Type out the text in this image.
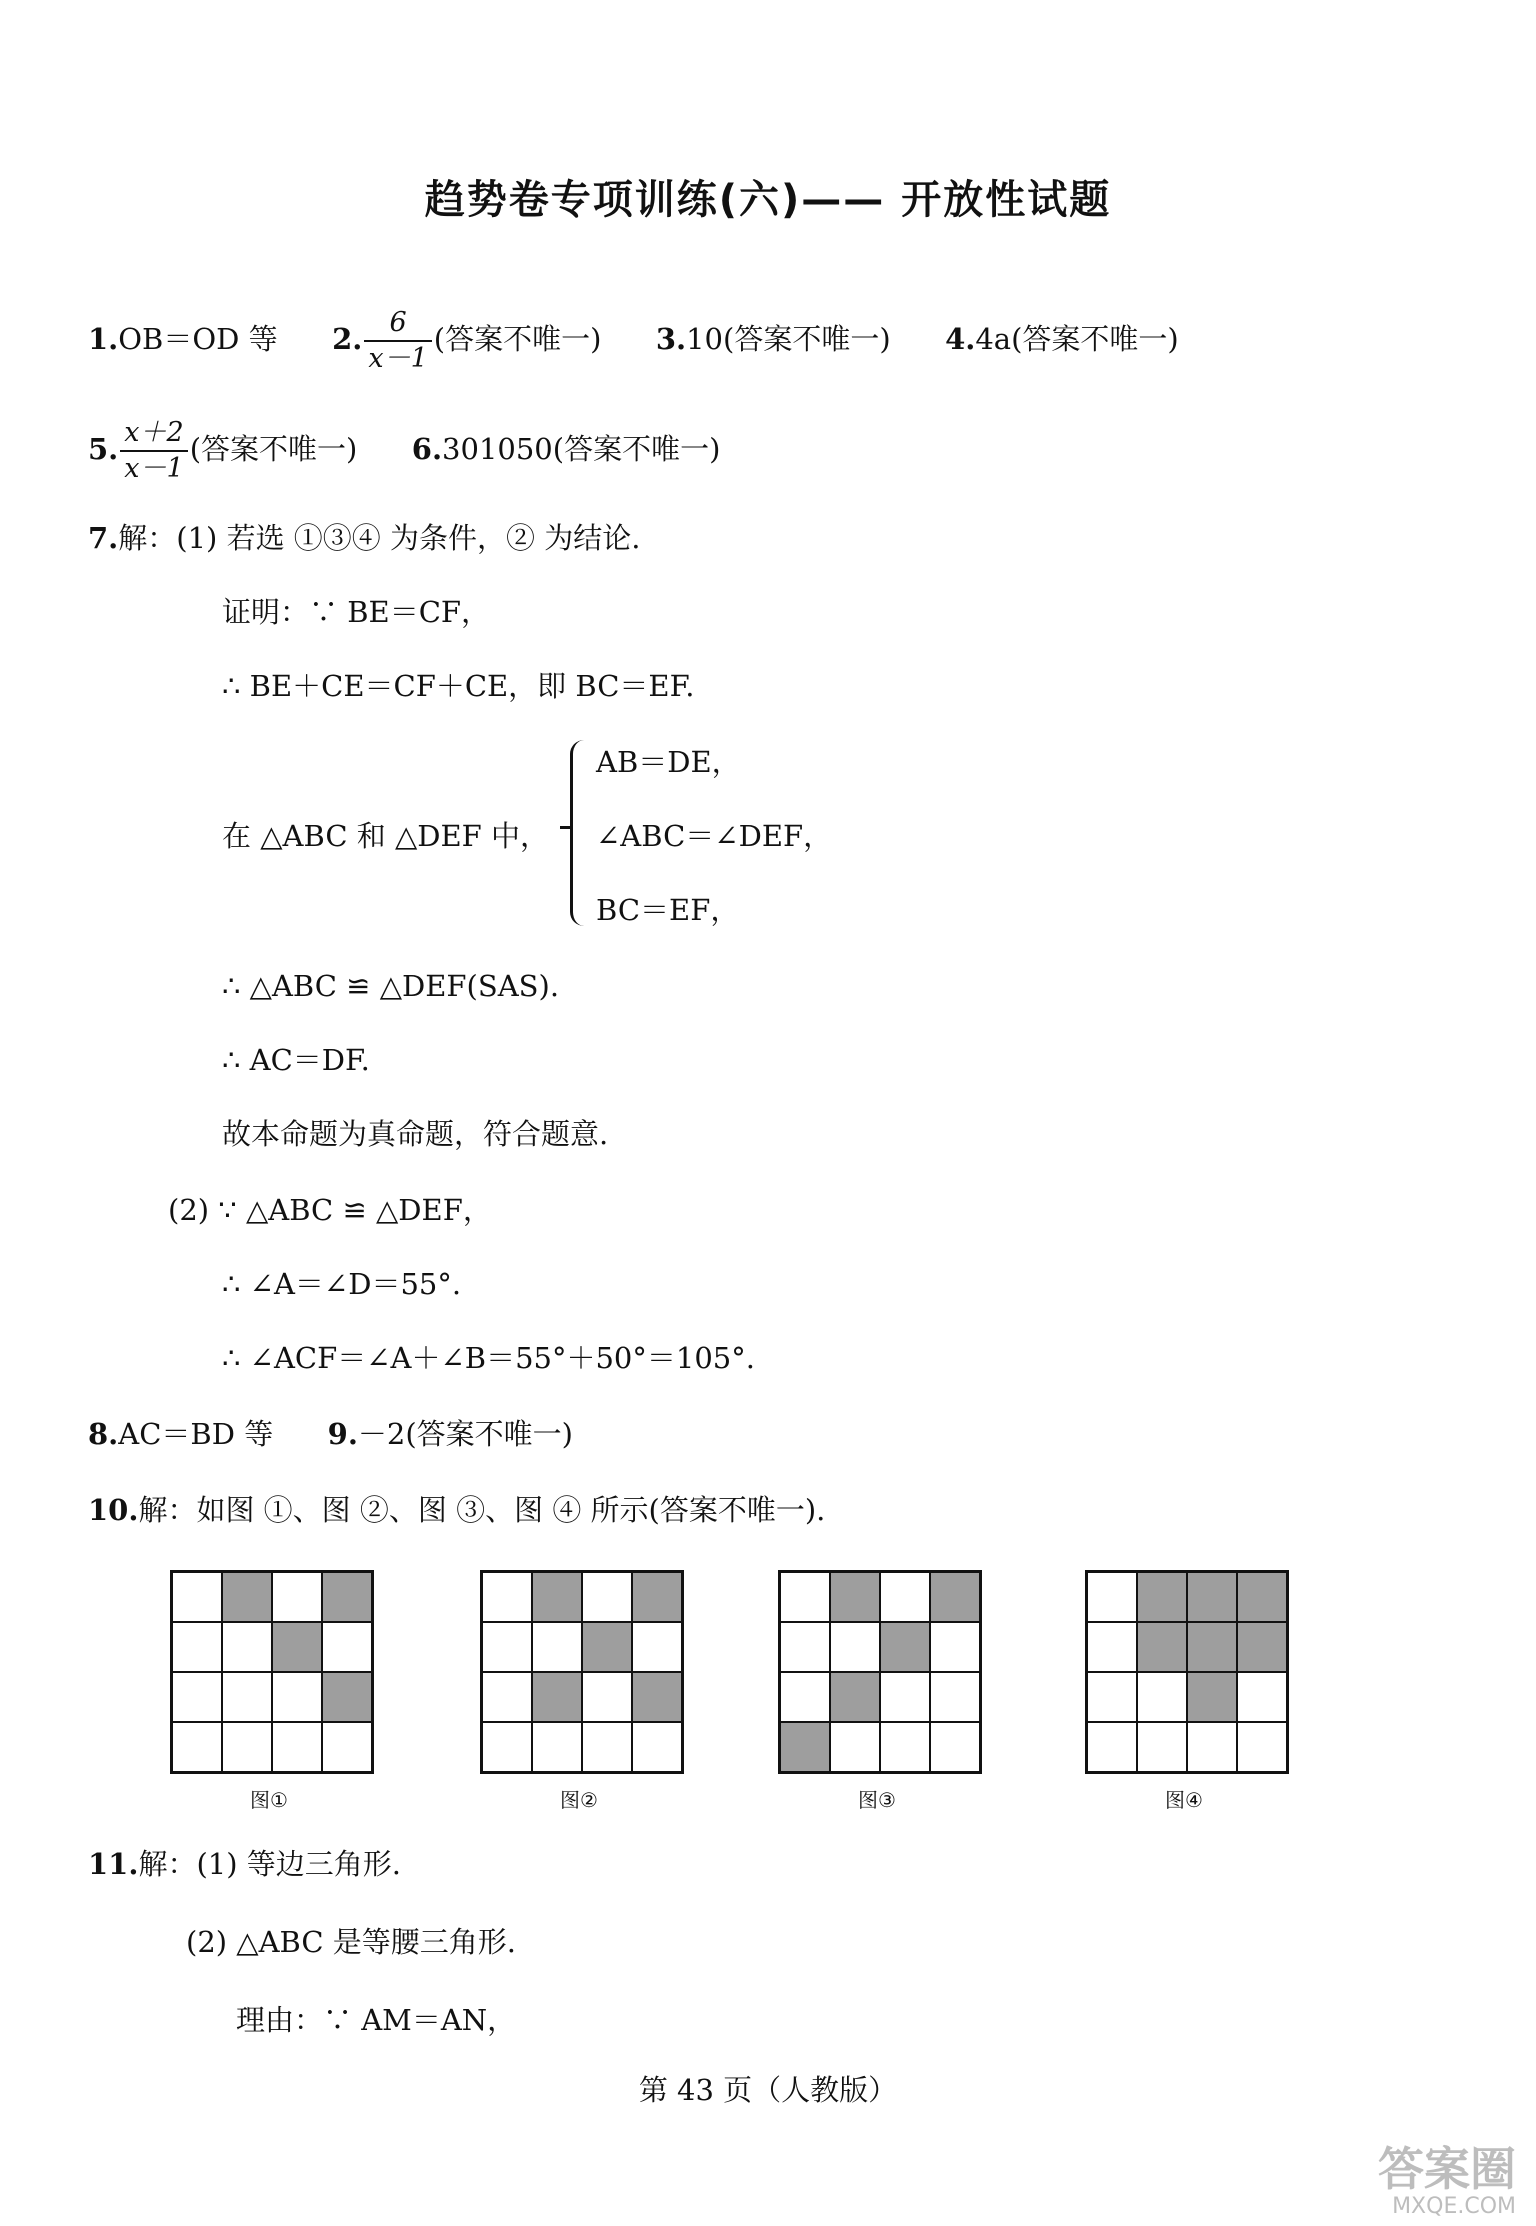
趋势卷专项训练(六)—— 开放性试题
1.OB＝OD 等 2. $\frac{6}{x-1}$ (答案不唯一) 3.10(答案不唯一) 4.4a(答案不唯一)
5. $\frac{x+2}{x-1}$ (答案不唯一) 6.301050(答案不唯一)
7.解：(1) 若选 ①③④ 为条件，② 为结论.
证明：∵ BE＝CF，
∴ BE＋CE＝CF＋CE，即 BC＝EF.
在 △ABC 和 △DEF 中，
AB＝DE，
∠ABC＝∠DEF，
BC＝EF，
∴ △ABC ≌ △DEF(SAS).
∴ AC＝DF.
故本命题为真命题，符合题意.
(2) ∵ △ABC ≌ △DEF，
∴ ∠A＝∠D＝55°.
∴ ∠ACF＝∠A＋∠B＝55°＋50°＝105°.
8.AC＝BD 等 9.－2(答案不唯一)
10.解：如图 ①、图 ②、图 ③、图 ④ 所示(答案不唯一).
图①	图②	图③	图④
11.解：(1) 等边三角形.
(2) △ABC 是等腰三角形.
理由：∵ AM＝AN，
第 43 页（人教版）
答案圈
MXQE.COM
